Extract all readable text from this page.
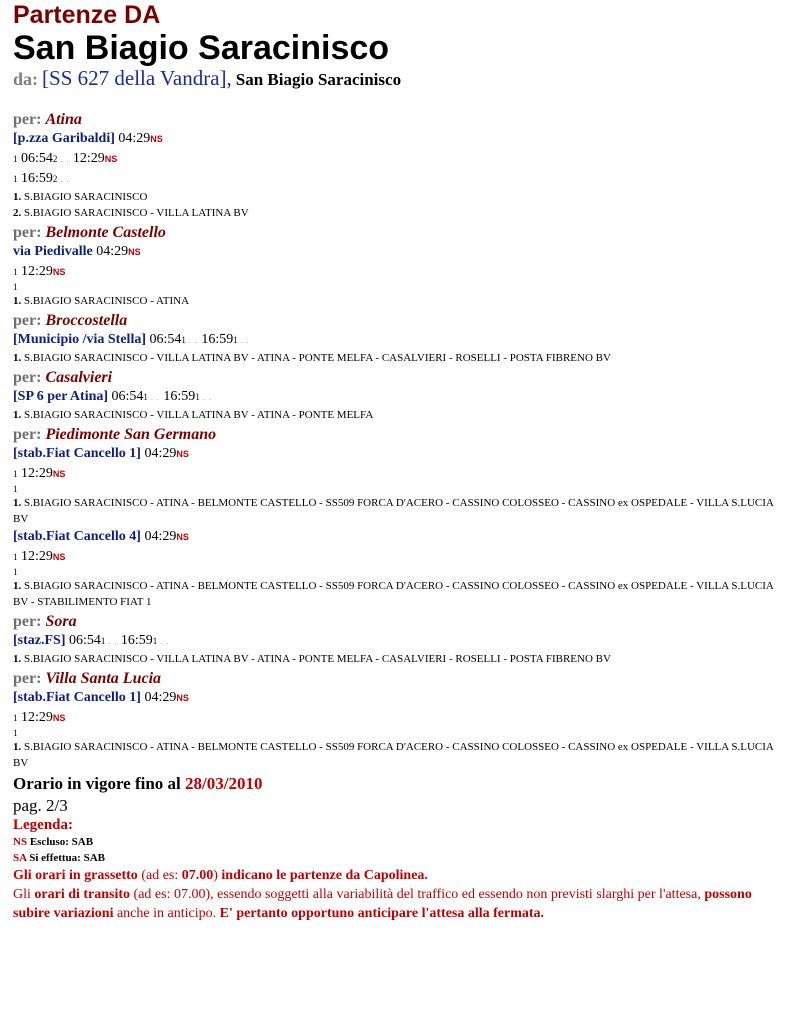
Partenze DA
San Biagio Saracinisco
da: [SS 627 della Vandra], San Biagio Saracinisco
per: Atina
[p.zza Garibaldi] 04:29NS
1 06:542 . . 12:29NS
1 16:592 . .
1. S.BIAGIO SARACINISCO
2. S.BIAGIO SARACINISCO - VILLA LATINA BV
per: Belmonte Castello
via Piedivalle 04:29NS
1 12:29NS
1
1. S.BIAGIO SARACINISCO - ATINA
per: Broccostella
[Municipio /via Stella] 06:541 . . 16:591 . .
1. S.BIAGIO SARACINISCO - VILLA LATINA BV - ATINA - PONTE MELFA - CASALVIERI - ROSELLI - POSTA FIBRENO BV
per: Casalvieri
[SP 6 per Atina] 06:541 . . 16:591 . .
1. S.BIAGIO SARACINISCO - VILLA LATINA BV - ATINA - PONTE MELFA
per: Piedimonte San Germano
[stab.Fiat Cancello 1] 04:29NS
1 12:29NS
1
1. S.BIAGIO SARACINISCO - ATINA - BELMONTE CASTELLO - SS509 FORCA D'ACERO - CASSINO COLOSSEO - CASSINO ex OSPEDALE - VILLA S.LUCIA BV
[stab.Fiat Cancello 4] 04:29NS
1 12:29NS
1
1. S.BIAGIO SARACINISCO - ATINA - BELMONTE CASTELLO - SS509 FORCA D'ACERO - CASSINO COLOSSEO - CASSINO ex OSPEDALE - VILLA S.LUCIA BV - STABILIMENTO FIAT 1
per: Sora
[staz.FS] 06:541 . . 16:591 . .
1. S.BIAGIO SARACINISCO - VILLA LATINA BV - ATINA - PONTE MELFA - CASALVIERI - ROSELLI - POSTA FIBRENO BV
per: Villa Santa Lucia
[stab.Fiat Cancello 1] 04:29NS
1 12:29NS
1
1. S.BIAGIO SARACINISCO - ATINA - BELMONTE CASTELLO - SS509 FORCA D'ACERO - CASSINO COLOSSEO - CASSINO ex OSPEDALE - VILLA S.LUCIA BV
Orario in vigore fino al 28/03/2010
pag. 2/3
Legenda:
NS Escluso: SAB
SA Si effettua: SAB
Gli orari in grassetto (ad es: 07.00) indicano le partenze da Capolinea.
Gli orari di transito (ad es: 07.00), essendo soggetti alla variabilità del traffico ed essendo non previsti slarghi per l'attesa, possono
subire variazioni anche in anticipo. E' pertanto opportuno anticipare l'attesa alla fermata.
